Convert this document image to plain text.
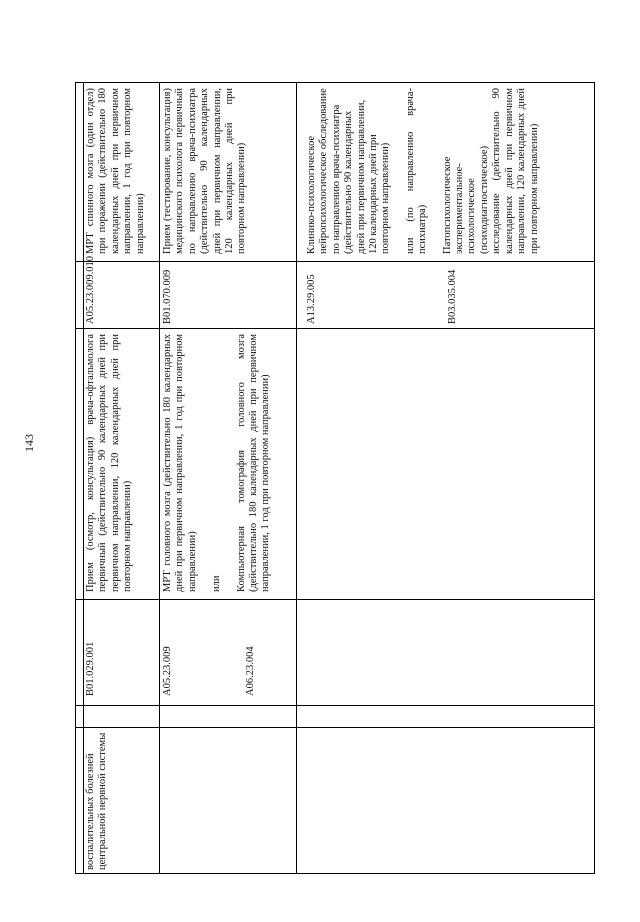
143
воспалительных болезней центральной нервной системы
B01.029.001
Прием (осмотр, консультация) врача-офтальмолога первичный (действительно 90 календарных дней при первичном направлении, 120 календарных дней при повторном направлении)
A05.23.009.010
МРТ спинного мозга (один отдел) при поражении (действительно 180 календарных дней при первичном направлении, 1 год при повторном направлении)
A05.23.009	A06.23.004
МРТ головного мозга (действительно 180 календарных дней при первичном направлении, 1 год при повторном направлении) или Компьютерная томография головного мозга (действительно 180 календарных дней при первичном направлении, 1 год при повторном направлении)
B01.070.009
Прием (тестирование, консультация) медицинского психолога первичный по направлению врача-психиатра (действительно 90 календарных дней при первичном направлении, 120 календарных дней при повторном направлении)
A13.29.005	B03.035.004
Клинико-психологическое нейропсихологическое обследование по направлению врача-психиатра (действительно 90 календарных дней при первичном направлении, 120 календарных дней при повторном направлении) или (по направлению врача-психиатра) Патопсихологическое экспериментальное-психологическое (психодиагностическое) исследование (действительно 90 календарных дней при первичном направлении, 120 календарных дней при повторном направлении)
